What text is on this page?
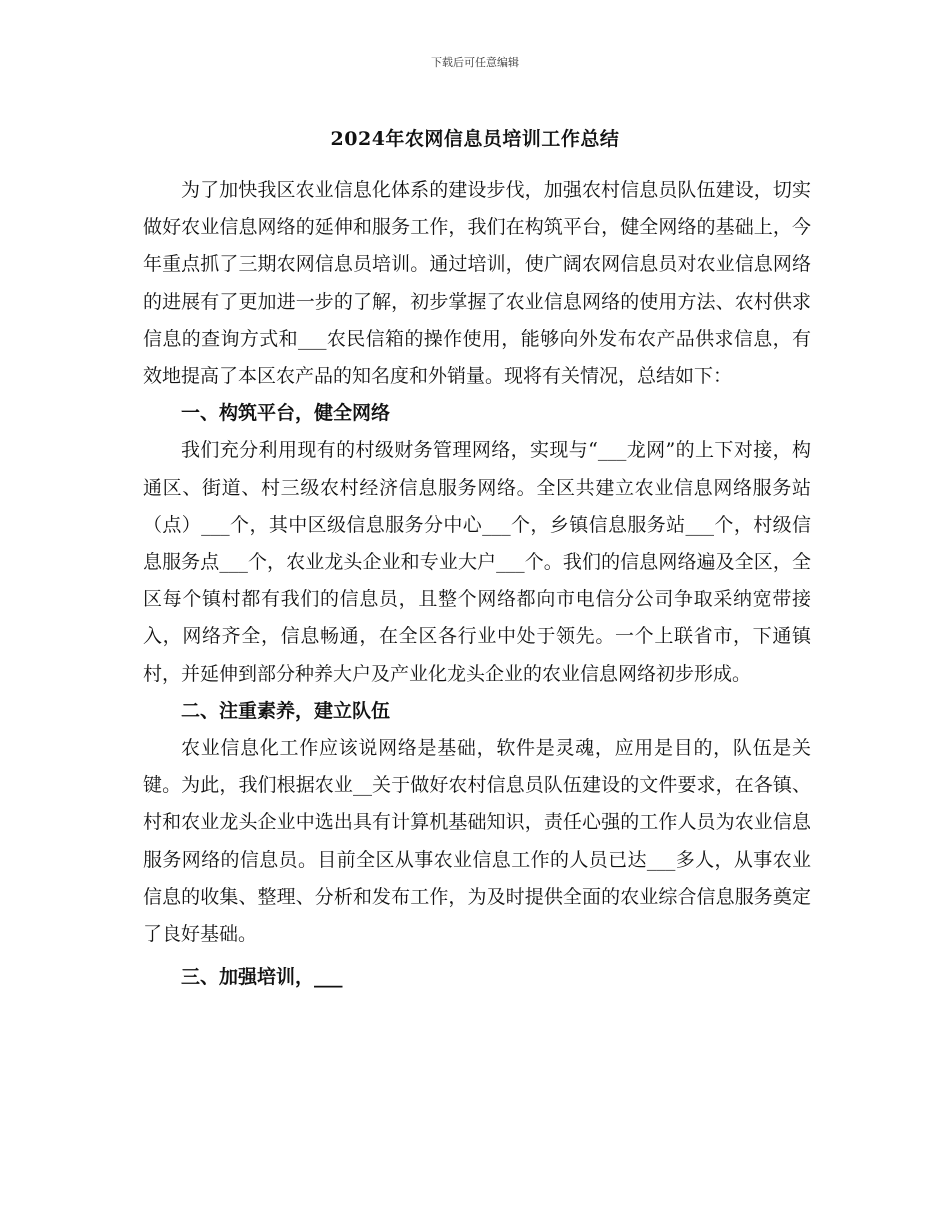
下载后可任意编辑
2024年农网信息员培训工作总结

为了加快我区农业信息化体系的建设步伐，加强农村信息员队伍建设，切实做好农业信息网络的延伸和服务工作，我们在构筑平台，健全网络的基础上，今年重点抓了三期农网信息员培训。通过培训，使广阔农网信息员对农业信息网络的进展有了更加进一步的了解，初步掌握了农业信息网络的使用方法、农村供求信息的查询方式和___农民信箱的操作使用，能够向外发布农产品供求信息，有效地提高了本区农产品的知名度和外销量。现将有关情况，总结如下：

一、构筑平台，健全网络

我们充分利用现有的村级财务管理网络，实现与“___龙网”的上下对接，构通区、街道、村三级农村经济信息服务网络。全区共建立农业信息网络服务站（点）___个，其中区级信息服务分中心___个，乡镇信息服务站___个，村级信息服务点___个，农业龙头企业和专业大户___个。我们的信息网络遍及全区，全区每个镇村都有我们的信息员，且整个网络都向市电信分公司争取采纳宽带接入，网络齐全，信息畅通，在全区各行业中处于领先。一个上联省市，下通镇村，并延伸到部分种养大户及产业化龙头企业的农业信息网络初步形成。

二、注重素养，建立队伍

农业信息化工作应该说网络是基础，软件是灵魂，应用是目的，队伍是关键。为此，我们根据农业__关于做好农村信息员队伍建设的文件要求，在各镇、村和农业龙头企业中选出具有计算机基础知识，责任心强的工作人员为农业信息服务网络的信息员。目前全区从事农业信息工作的人员已达___多人，从事农业信息的收集、整理、分析和发布工作，为及时提供全面的农业综合信息服务奠定了良好基础。

三、加强培训，___
